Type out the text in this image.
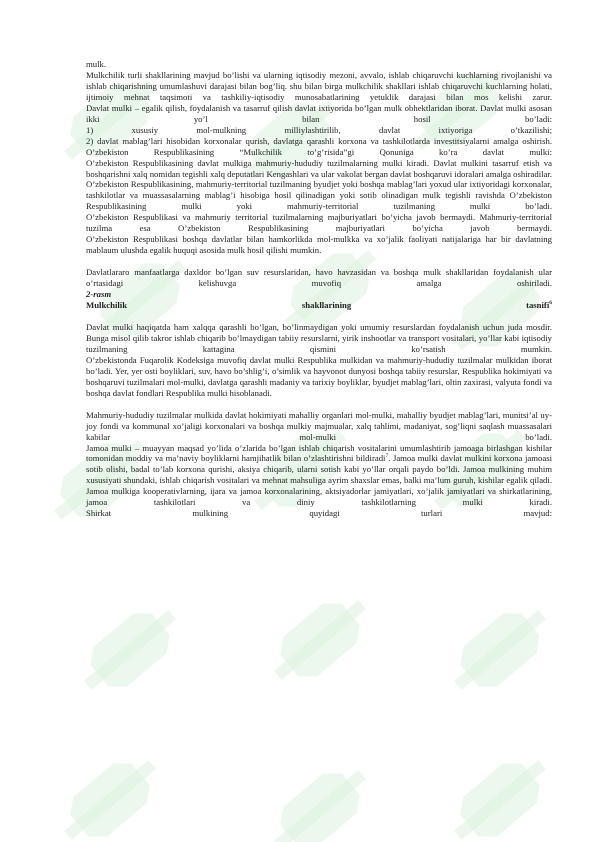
mulk.

Mulkchilik turli shakllarining mavjud bo’lishi va ularning iqtisodiy mezoni, avvalo, ishlab chiqaruvchi kuchlarning rivojlanishi va ishlab chiqarishning umumlashuvi darajasi bilan bog’liq. shu bilan birga mulkchilik shakllari ishlab chiqaruvchi kuchlarning holati, ijtimoiy mehnat taqsimoti va tashkiliy-iqtisodiy munosabatlarining yetuklik darajasi bilan mos kelishi zarur.

Davlat mulki – egalik qilish, foydalanish va tasarruf qilish davlat ixtiyorida bo’lgan mulk obhektlaridan iborat. Davlat mulki asosan ikki yo’l bilan hosil bo’ladi:

1) xususiy mol-mulkning milliylashtirilib, davlat ixtiyoriga o’tkazilishi;

2) davlat mablag’lari hisobidan korxonalar qurish, davlatga qarashli korxona va tashkilotlarda investitsiyalarni amalga oshirish.

O’zbekiston Respublikasining “Mulkchilik to’g’risida”gi Qonuniga ko’ra davlat mulki:

O’zbekiston Respublikasining davlat mulkiga mahmuriy-hududiy tuzilmalarning mulki kiradi. Davlat mulkini tasarruf etish va boshqarishni xalq nomidan tegishli xalq deputatlari Kengashlari va ular vakolat bergan davlat boshqaruvi idoralari amalga oshiradilar.

O’zbekiston Respublikasining, mahmuriy-territorial tuzilmaning byudjet yoki boshqa mablag’lari yoxud ular ixtiyoridagi korxonalar, tashkilotlar va muassasalarning mablag’i hisobiga hosil qilinadigan yoki sotib olinadigan mulk tegishli ravishda O’zbekiston Respublikasining mulki yoki mahmuriy-territorial tuzilmaning mulki bo’ladi.

O’zbekiston Respublikasi va mahmuriy territorial tuzilmalarning majburiyatlari bo’yicha javob bermaydi. Mahmuriy-territorial tuzilma esa O’zbekiston Respublikasining majburiyatlari bo’yicha javob bermaydi.

O’zbekiston Respublikasi boshqa davlatlar bilan hamkorlikda mol-mulkka va xo’jalik faoliyati natijalariga har bir davlatning mablaum ulushda egalik huquqi asosida mulk hosil qilishi mumkin.

Davlatlararo manfaatlarga daxldor bo’lgan suv resurslaridan, havo havzasidan va boshqa mulk shakllaridan foydalanish ular o’rtasidagi kelishuvga muvofiq amalga oshiriladi.

2-rasm

Mulkchilik shakllarining tasnifi$^6$

Davlat mulki haqiqatda ham xalqqa qarashli bo’lgan, bo’linmaydigan yoki umumiy resurslardan foydalanish uchun juda mosdir. Bunga misol qilib takror ishlab chiqarib bo’lmaydigan tabiiy resurslarni, yirik inshootlar va transport vositalari, yo’llar kabi iqtisodiy tuzilmaning kattagina qismini ko’rsatish mumkin.

O’zbekistonda Fuqarolik Kodeksiga muvofiq davlat mulki Respublika mulkidan va mahmuriy-hududiy tuzilmalar mulkidan iborat bo’ladi. Yer, yer osti boyliklari, suv, havo bo’shlig’i, o’simlik va hayvonot dunyosi boshqa tabiiy resurslar, Respublika hokimiyati va boshqaruvi tuzilmalari mol-mulki, davlatga qarashli madaniy va tarixiy boyliklar, byudjet mablag’lari, oltin zaxirasi, valyuta fondi va boshqa davlat fondlari Respublika mulki hisoblanadi.

Mahmuriy-hududiy tuzilmalar mulkida davlat hokimiyati mahalliy organlari mol-mulki, mahalliy byudjet mablag’lari, munitsi’al uy-joy fondi va kommunal xo’jaligi korxonalari va boshqa mulkiy majmualar, xalq tahlimi, madaniyat, sog’liqni saqlash muassasalari kabilar mol-mulki bo’ladi.

Jamoa mulki – muayyan maqsad yo’lida o’zlarida bo’lgan ishlab chiqarish vositalarini umumlashtirib jamoaga birlashgan kishilar tomonidan moddiy va ma’naviy boyliklarni hamjihatlik bilan o’zlashtirishni bildiradi$^7$. Jamoa mulki davlat mulkini korxona jamoasi sotib olishi, badal to’lab korxona qurishi, aksiya chiqarib, ularni sotish kabi yo’llar orqali paydo bo’ldi. Jamoa mulkining muhim xususiyati shundaki, ishlab chiqarish vositalari va mehnat mahsuliga ayrim shaxslar emas, balki ma’lum guruh, kishilar egalik qiladi. Jamoa mulkiga kooperativlarning, ijara va jamoa korxonalarining, aktsiyadorlar jamiyatlari, xo’jalik jamiyatlari va shirkatlarining, jamoa tashkilotlari va diniy tashkilotlarning mulki kiradi.

Shirkat mulkining quyidagi turlari mavjud:
